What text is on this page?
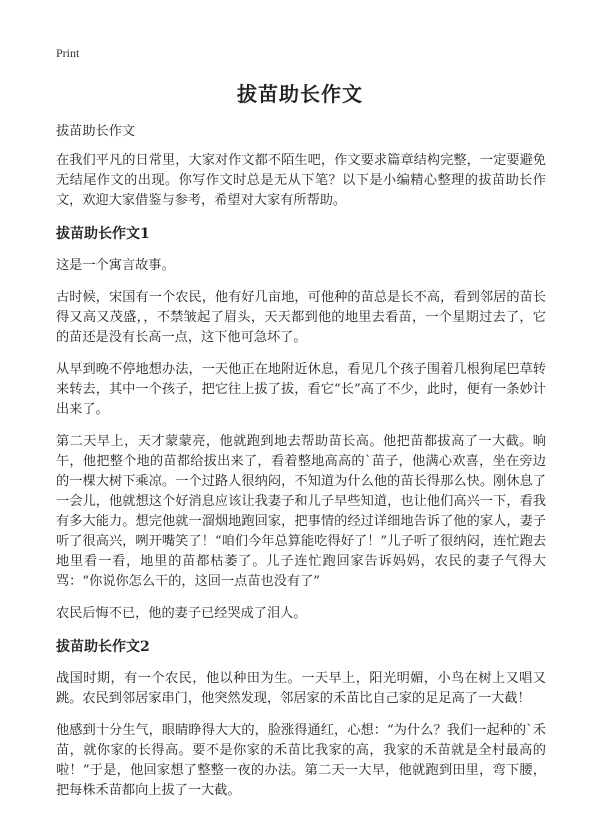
Print
拔苗助长作文

拔苗助长作文

在我们平凡的日常里，大家对作文都不陌生吧，作文要求篇章结构完整，一定要避免无结尾作文的出现。你写作文时总是无从下笔？以下是小编精心整理的拔苗助长作文，欢迎大家借鉴与参考，希望对大家有所帮助。

拔苗助长作文1

这是一个寓言故事。

古时候，宋国有一个农民，他有好几亩地，可他种的苗总是长不高，看到邻居的苗长得又高又茂盛，，不禁皱起了眉头，天天都到他的地里去看苗，一个星期过去了，它的苗还是没有长高一点，这下他可急坏了。

从早到晚不停地想办法，一天他正在地附近休息，看见几个孩子围着几根狗尾巴草转来转去，其中一个孩子，把它往上拔了拔，看它“长”高了不少，此时，便有一条妙计出来了。

第二天早上，天才蒙蒙亮，他就跑到地去帮助苗长高。他把苗都拔高了一大截。晌午，他把整个地的苗都给拔出来了，看着整地高高的`苗子，他满心欢喜，坐在旁边的一棵大树下乘凉。一个过路人很纳闷，不知道为什么他的苗长得那么快。刚休息了一会儿，他就想这个好消息应该让我妻子和儿子早些知道，也让他们高兴一下，看我有多大能力。想完他就一溜烟地跑回家，把事情的经过详细地告诉了他的家人，妻子听了很高兴，咧开嘴笑了！“咱们今年总算能吃得好了！”儿子听了很纳闷，连忙跑去地里看一看，地里的苗都枯萎了。儿子连忙跑回家告诉妈妈，农民的妻子气得大骂：“你说你怎么干的，这回一点苗也没有了”

农民后悔不已，他的妻子已经哭成了泪人。

拔苗助长作文2

战国时期，有一个农民，他以种田为生。一天早上，阳光明媚，小鸟在树上又唱又跳。农民到邻居家串门，他突然发现，邻居家的禾苗比自己家的足足高了一大截！

他感到十分生气，眼睛睁得大大的，脸涨得通红，心想：“为什么？我们一起种的`禾苗，就你家的长得高。要不是你家的禾苗比我家的高，我家的禾苗就是全村最高的啦！”于是，他回家想了整整一夜的办法。第二天一大早，他就跑到田里，弯下腰，把每株禾苗都向上拔了一大截。
